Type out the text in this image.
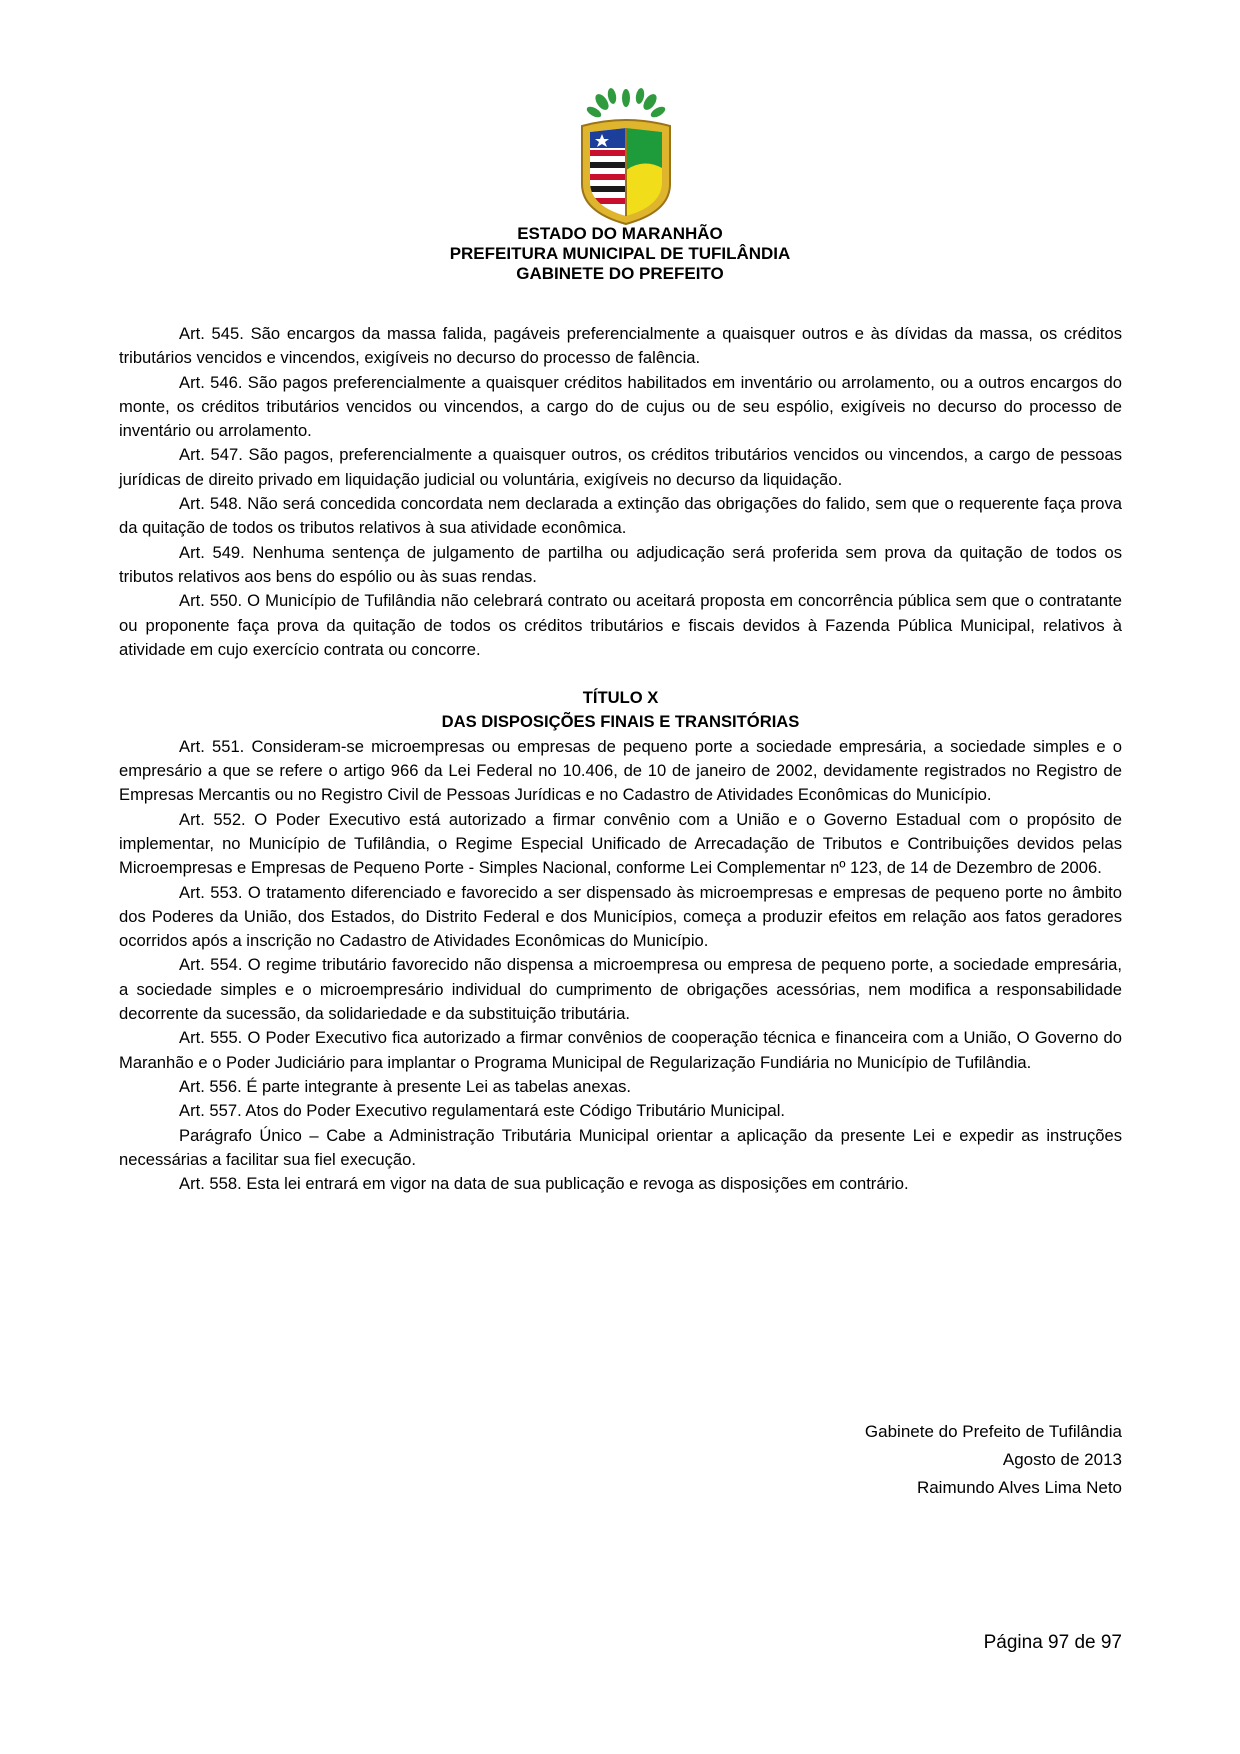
ESTADO DO MARANHÃO
PREFEITURA MUNICIPAL DE TUFILÂNDIA
GABINETE DO PREFEITO

Art. 545. São encargos da massa falida, pagáveis preferencialmente a quaisquer outros e às dívidas da massa, os créditos tributários vencidos e vincendos, exigíveis no decurso do processo de falência.

Art. 546. São pagos preferencialmente a quaisquer créditos habilitados em inventário ou arrolamento, ou a outros encargos do monte, os créditos tributários vencidos ou vincendos, a cargo do de cujus ou de seu espólio, exigíveis no decurso do processo de inventário ou arrolamento.

Art. 547. São pagos, preferencialmente a quaisquer outros, os créditos tributários vencidos ou vincendos, a cargo de pessoas jurídicas de direito privado em liquidação judicial ou voluntária, exigíveis no decurso da liquidação.

Art. 548. Não será concedida concordata nem declarada a extinção das obrigações do falido, sem que o requerente faça prova da quitação de todos os tributos relativos à sua atividade econômica.

Art. 549. Nenhuma sentença de julgamento de partilha ou adjudicação será proferida sem prova da quitação de todos os tributos relativos aos bens do espólio ou às suas rendas.

Art. 550. O Município de Tufilândia não celebrará contrato ou aceitará proposta em concorrência pública sem que o contratante ou proponente faça prova da quitação de todos os créditos tributários e fiscais devidos à Fazenda Pública Municipal, relativos à atividade em cujo exercício contrata ou concorre.

TÍTULO X
DAS DISPOSIÇÕES FINAIS E TRANSITÓRIAS

Art. 551. Consideram-se microempresas ou empresas de pequeno porte a sociedade empresária, a sociedade simples e o empresário a que se refere o artigo 966 da Lei Federal no 10.406, de 10 de janeiro de 2002, devidamente registrados no Registro de Empresas Mercantis ou no Registro Civil de Pessoas Jurídicas e no Cadastro de Atividades Econômicas do Município.

Art. 552. O Poder Executivo está autorizado a firmar convênio com a União e o Governo Estadual com o propósito de implementar, no Município de Tufilândia, o Regime Especial Unificado de Arrecadação de Tributos e Contribuições devidos pelas Microempresas e Empresas de Pequeno Porte - Simples Nacional, conforme Lei Complementar nº 123, de 14 de Dezembro de 2006.

Art. 553. O tratamento diferenciado e favorecido a ser dispensado às microempresas e empresas de pequeno porte no âmbito dos Poderes da União, dos Estados, do Distrito Federal e dos Municípios, começa a produzir efeitos em relação aos fatos geradores ocorridos após a inscrição no Cadastro de Atividades Econômicas do Município.

Art. 554. O regime tributário favorecido não dispensa a microempresa ou empresa de pequeno porte, a sociedade empresária, a sociedade simples e o microempresário individual do cumprimento de obrigações acessórias, nem modifica a responsabilidade decorrente da sucessão, da solidariedade e da substituição tributária.

Art. 555. O Poder Executivo fica autorizado a firmar convênios de cooperação técnica e financeira com a União, O Governo do Maranhão e o Poder Judiciário para implantar o Programa Municipal de Regularização Fundiária no Município de Tufilândia.

Art. 556. É parte integrante à presente Lei as tabelas anexas.

Art. 557. Atos do Poder Executivo regulamentará este Código Tributário Municipal.

Parágrafo Único – Cabe a Administração Tributária Municipal orientar a aplicação da presente Lei e expedir as instruções necessárias a facilitar sua fiel execução.

Art. 558. Esta lei entrará em vigor na data de sua publicação e revoga as disposições em contrário.

Gabinete do Prefeito de Tufilândia
Agosto de 2013
Raimundo Alves Lima Neto
Página 97 de 97
